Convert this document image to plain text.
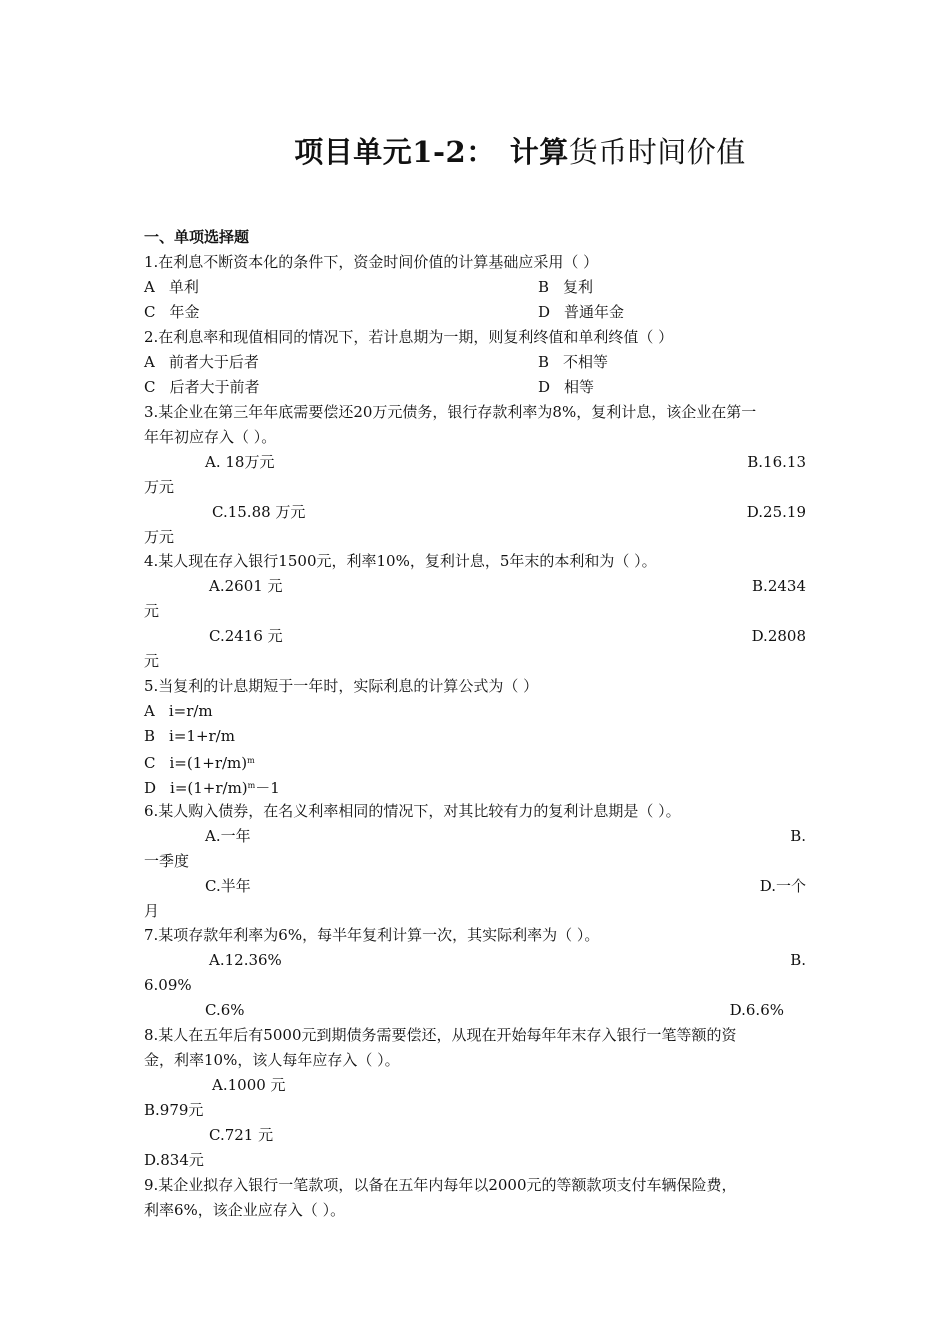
项目单元1-2： 计算货币时间价值
一、单项选择题
1.在利息不断资本化的条件下，资金时间价值的计算基础应采用（ ）
A 单利	B 复利
C 年金	D 普通年金
2.在利息率和现值相同的情况下，若计息期为一期，则复利终值和单利终值（ ）
A 前者大于后者	B 不相等
C 后者大于前者	D 相等
3.某企业在第三年年底需要偿还20万元债务，银行存款利率为8%，复利计息，该企业在第一
年年初应存入（ ）。
A. 18万元	B.16.13
万元
C.15.88 万元	D.25.19
万元
4.某人现在存入银行1500元，利率10%，复利计息，5年末的本利和为（ ）。
A.2601 元	B.2434
元
C.2416 元	D.2808
元
5.当复利的计息期短于一年时，实际利息的计算公式为（ ）
A i=r/m
B i=1+r/m
C $i=(1+r/m)^m$
D $i=(1+r/m)^m-1$
6.某人购入债券，在名义利率相同的情况下，对其比较有力的复利计息期是（ ）。
A.一年	B.
一季度
C.半年	D.一个
月
7.某项存款年利率为6%，每半年复利计算一次，其实际利率为（ ）。
A.12.36%	B.
6.09%
C.6%	D.6.6%
8.某人在五年后有5000元到期债务需要偿还，从现在开始每年年末存入银行一笔等额的资
金，利率10%，该人每年应存入（ ）。
A.1000 元
B.979元
C.721 元
D.834元
9.某企业拟存入银行一笔款项，以备在五年内每年以2000元的等额款项支付车辆保险费，
利率6%，该企业应存入（ ）。
